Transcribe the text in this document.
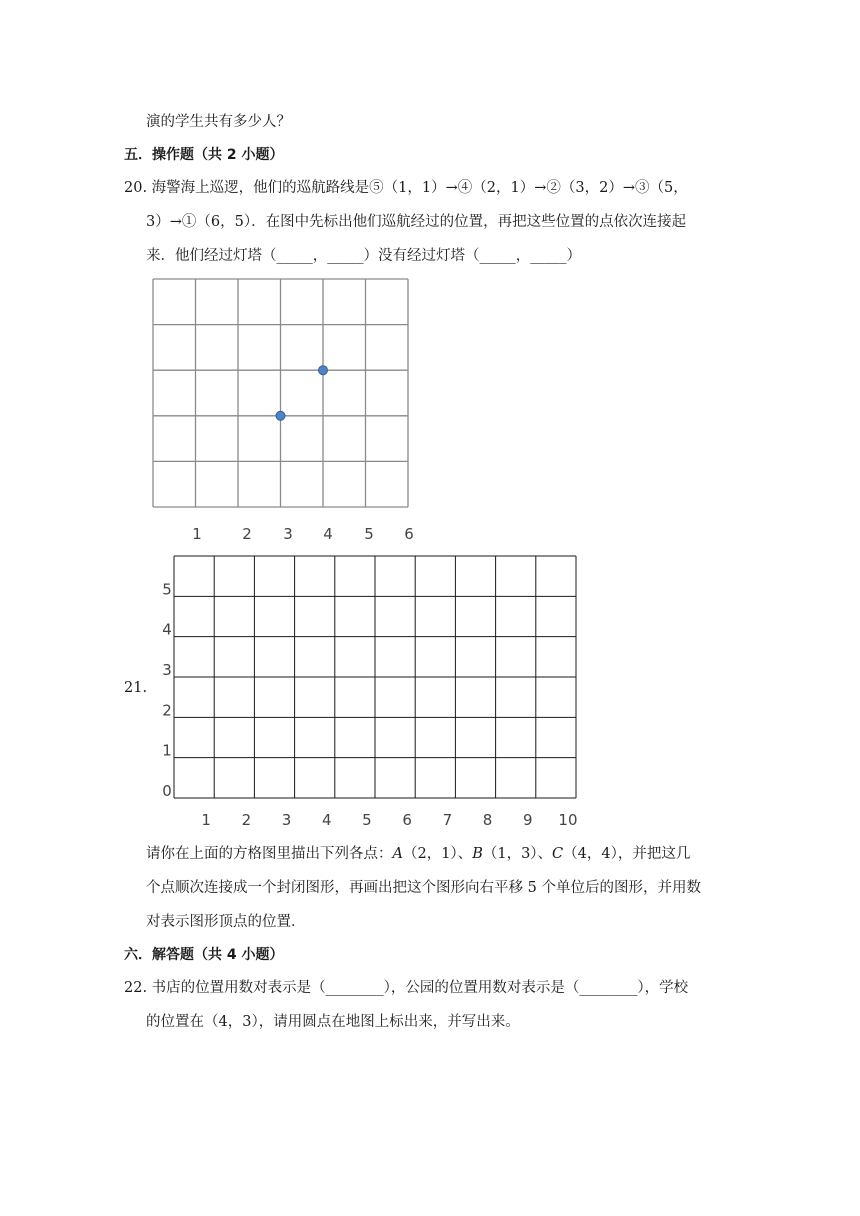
演的学生共有多少人？
五．操作题（共 2 小题）
20. 海警海上巡逻，他们的巡航路线是⑤（1，1）→④（2，1）→②（3，2）→③（5，
3）→①（6，5）．在图中先标出他们巡航经过的位置，再把这些位置的点依次连接起
来．他们经过灯塔（_____，_____）没有经过灯塔（_____，_____）
1	2 3 4 5 6
21.
1 2 3 4 5 6 7 8 9 10
0
1
2
3
4
5
请你在上面的方格图里描出下列各点：A（2，1）、B（1，3）、C（4，4），并把这几
个点顺次连接成一个封闭图形，再画出把这个图形向右平移 5 个单位后的图形，并用数
对表示图形顶点的位置．
六．解答题（共 4 小题）
22. 书店的位置用数对表示是（________），公园的位置用数对表示是（________），学校
的位置在（4，3），请用圆点在地图上标出来，并写出来。
